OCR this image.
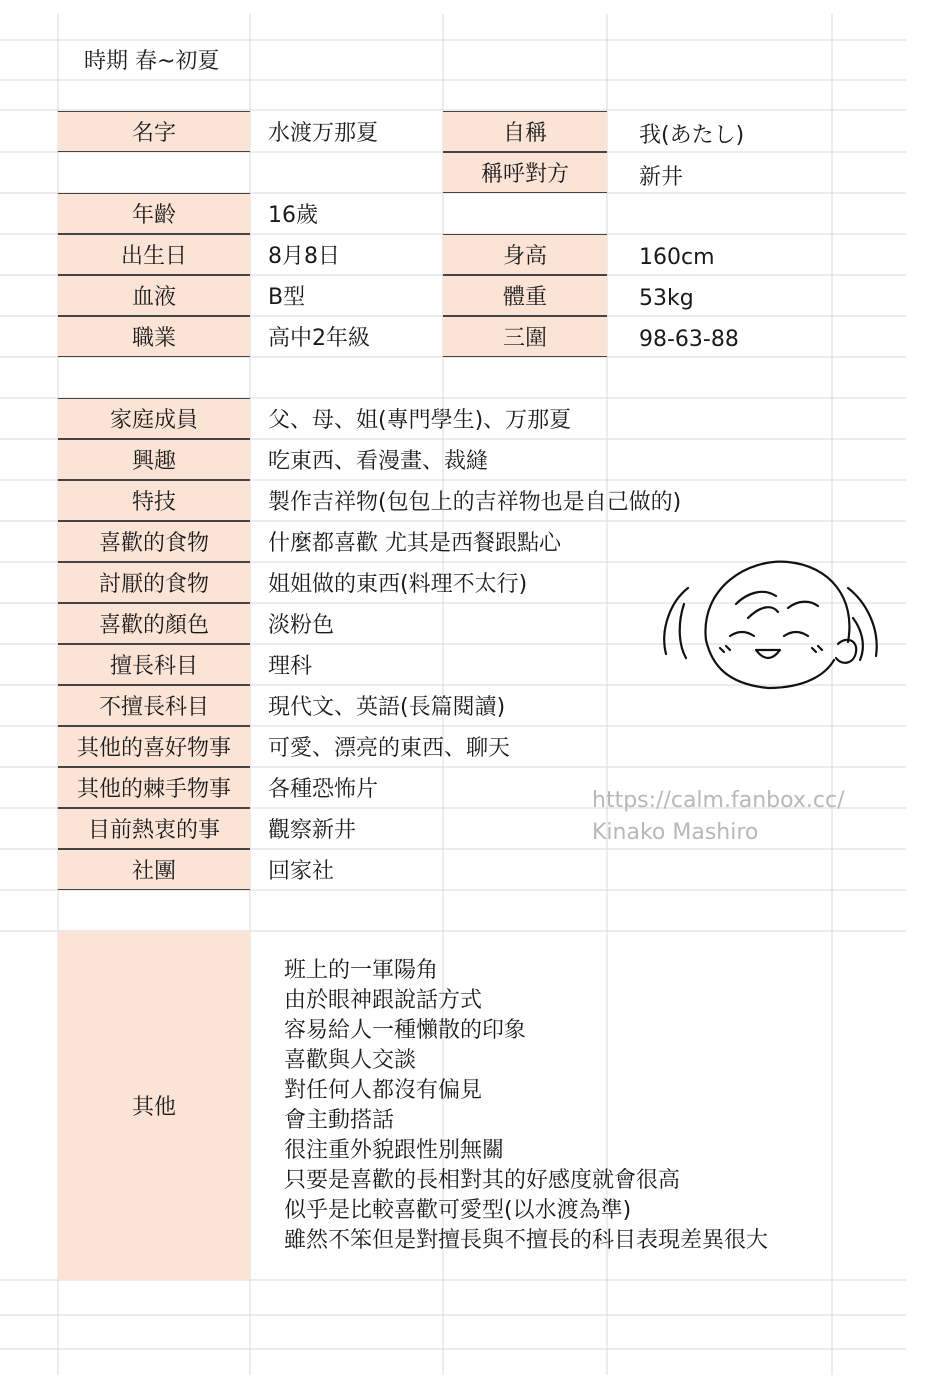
時期 春~初夏
名字	水渡万那夏	自稱	我(あたし)
稱呼對方	新井
年齡	16歲
出生日	8月8日	身高	160cm
血液	B型	體重	53kg
職業	高中2年級	三圍	98-63-88
家庭成員	父、母、姐(專門學生)、万那夏
興趣	吃東西、看漫畫、裁縫
特技	製作吉祥物(包包上的吉祥物也是自己做的)
喜歡的食物	什麼都喜歡 尤其是西餐跟點心
討厭的食物	姐姐做的東西(料理不太行)
喜歡的顏色	淡粉色
擅長科目	理科
不擅長科目	現代文、英語(長篇閱讀)
其他的喜好物事	可愛、漂亮的東西、聊天
其他的棘手物事	各種恐怖片
目前熱衷的事	觀察新井
社團	回家社
其他
班上的一軍陽角
由於眼神跟說話方式
容易給人一種懶散的印象
喜歡與人交談
對任何人都沒有偏見
會主動搭話
很注重外貌跟性別無關
只要是喜歡的長相對其的好感度就會很高
似乎是比較喜歡可愛型(以水渡為準)
雖然不笨但是對擅長與不擅長的科目表現差異很大
https://calm.fanbox.cc/
Kinako Mashiro
